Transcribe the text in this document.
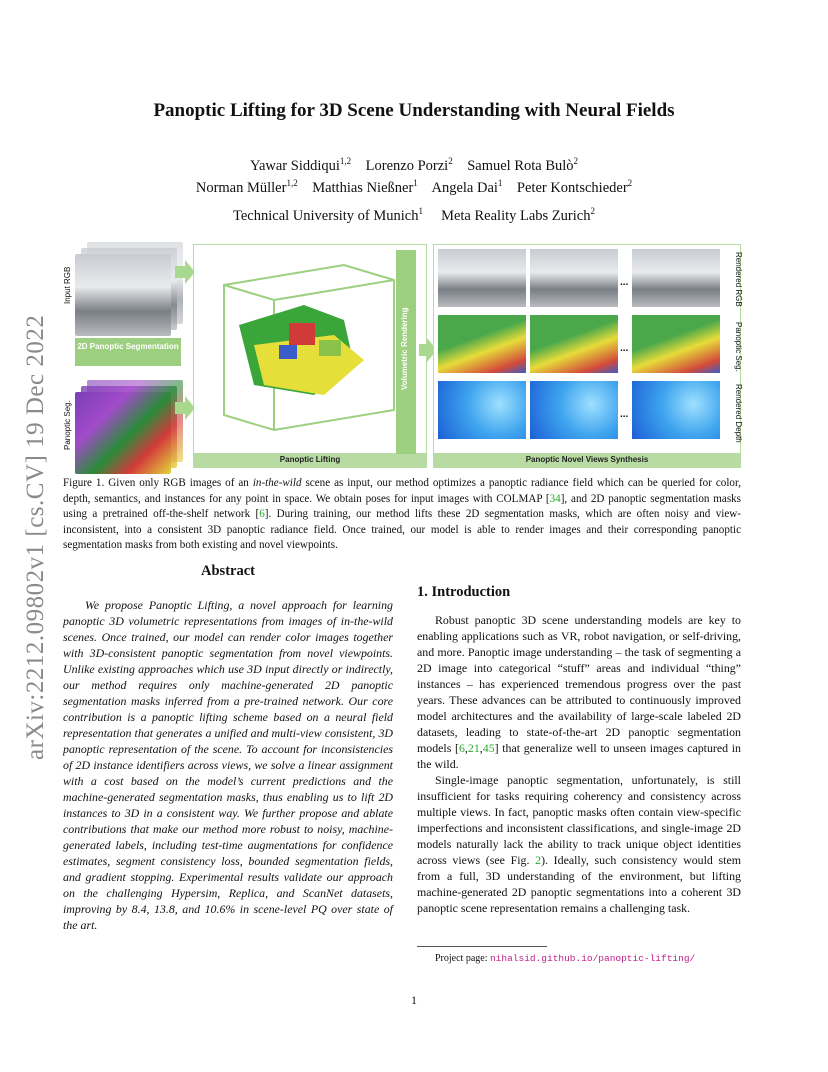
Panoptic Lifting for 3D Scene Understanding with Neural Fields
Yawar Siddiqui$^{1,2}$ Lorenzo Porzi$^2$ Samuel Rota Bulò$^2$
Norman Müller$^{1,2}$ Matthias Nießner$^1$ Angela Dai$^1$ Peter Kontschieder$^2$
Technical University of Munich$^1$ Meta Reality Labs Zurich$^2$
arXiv:2212.09802v1 [cs.CV] 19 Dec 2022
Input RGB
2D Panoptic Segmentation
Panoptic Seg.
Panoptic Lifting
Volumetric Rendering
...
...
...
Panoptic Novel Views Synthesis
Rendered RGB
Panoptic Seg.
Rendered Depth
Figure 1. Given only RGB images of an in-the-wild scene as input, our method optimizes a panoptic radiance field which can be queried for color, depth, semantics, and instances for any point in space. We obtain poses for input images with COLMAP [34], and 2D panoptic segmentation masks using a pretrained off-the-shelf network [6]. During training, our method lifts these 2D segmentation masks, which are often noisy and view-inconsistent, into a consistent 3D panoptic radiance field. Once trained, our model is able to render images and their corresponding panoptic segmentation masks from both existing and novel viewpoints.
Abstract
We propose Panoptic Lifting, a novel approach for learning panoptic 3D volumetric representations from images of in-the-wild scenes. Once trained, our model can render color images together with 3D-consistent panoptic segmentation from novel viewpoints. Unlike existing approaches which use 3D input directly or indirectly, our method requires only machine-generated 2D panoptic segmentation masks inferred from a pre-trained network. Our core contribution is a panoptic lifting scheme based on a neural field representation that generates a unified and multi-view consistent, 3D panoptic representation of the scene. To account for inconsistencies of 2D instance identifiers across views, we solve a linear assignment with a cost based on the model’s current predictions and the machine-generated segmentation masks, thus enabling us to lift 2D instances to 3D in a consistent way. We further propose and ablate contributions that make our method more robust to noisy, machine-generated labels, including test-time augmentations for confidence estimates, segment consistency loss, bounded segmentation fields, and gradient stopping. Experimental results validate our approach on the challenging Hypersim, Replica, and ScanNet datasets, improving by 8.4, 13.8, and 10.6% in scene-level PQ over state of the art.
1. Introduction

Robust panoptic 3D scene understanding models are key to enabling applications such as VR, robot navigation, or self-driving, and more. Panoptic image understanding – the task of segmenting a 2D image into categorical “stuff” areas and individual “thing” instances – has experienced tremendous progress over the past years. These advances can be attributed to continuously improved model architectures and the availability of large-scale labeled 2D datasets, leading to state-of-the-art 2D panoptic segmentation models [6,21,45] that generalize well to unseen images captured in the wild.

Single-image panoptic segmentation, unfortunately, is still insufficient for tasks requiring coherency and consistency across multiple views. In fact, panoptic masks often contain view-specific imperfections and inconsistent classifications, and single-image 2D models naturally lack the ability to track unique object identities across views (see Fig. 2). Ideally, such consistency would stem from a full, 3D understanding of the environment, but lifting machine-generated 2D panoptic segmentations into a coherent 3D panoptic scene representation remains a challenging task.

Project page: nihalsid.github.io/panoptic-lifting/
1
